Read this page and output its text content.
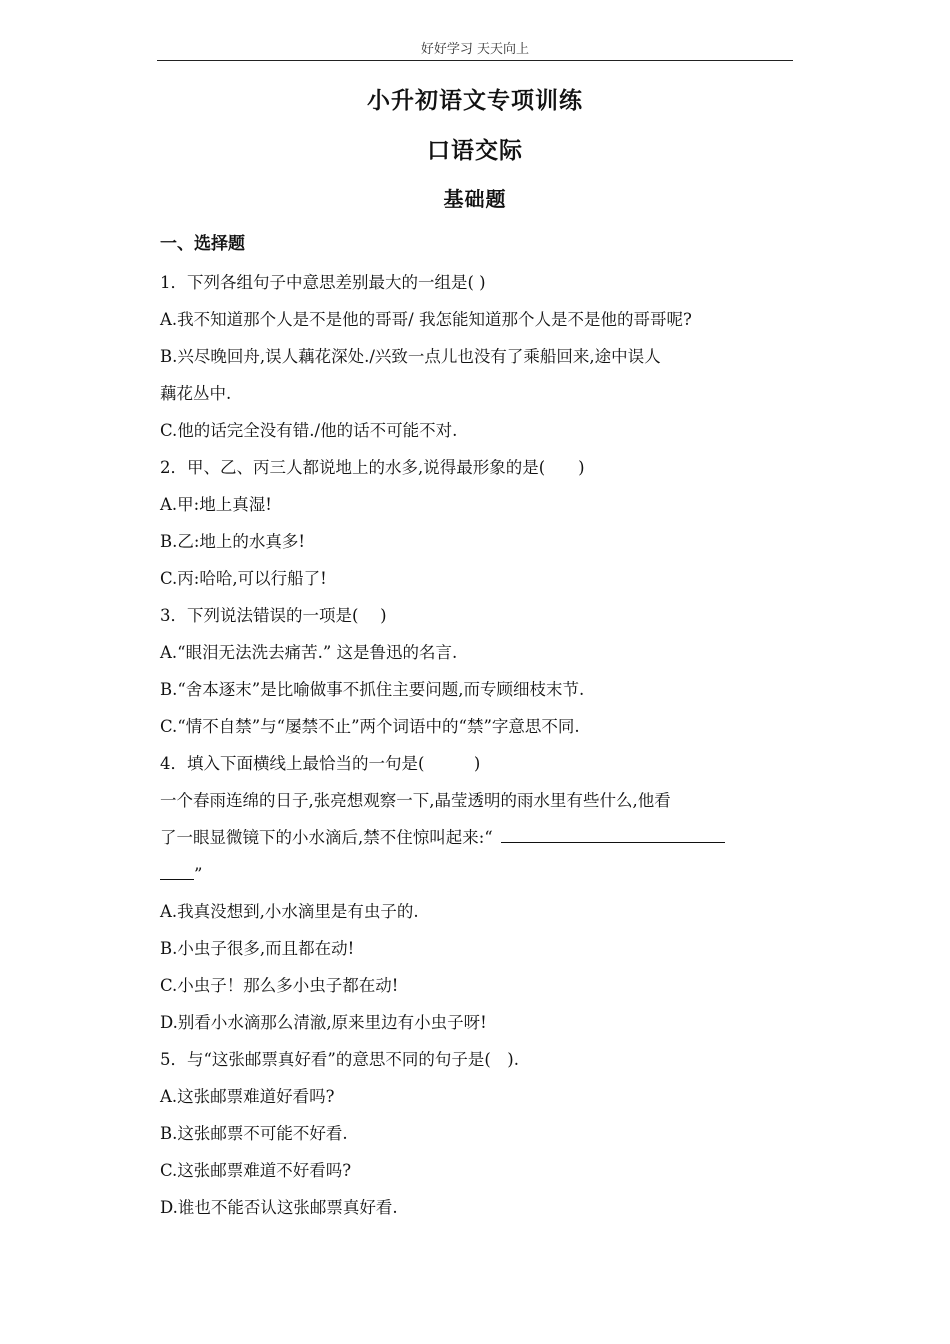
好好学习 天天向上
小升初语文专项训练
口语交际
基础题
一、选择题
1．下列各组句子中意思差别最大的一组是( )
A.我不知道那个人是不是他的哥哥/ 我怎能知道那个人是不是他的哥哥呢?
B.兴尽晚回舟,误人藕花深处./兴致一点儿也没有了乘船回来,途中误人
藕花丛中.
C.他的话完全没有错./他的话不可能不对.
2．甲、乙、丙三人都说地上的水多,说得最形象的是(　　)
A.甲:地上真湿!
B.乙:地上的水真多!
C.丙:哈哈,可以行船了!
3．下列说法错误的一项是(　 )
A.“眼泪无法洗去痛苦.” 这是鲁迅的名言.
B.“舍本逐末”是比喻做事不抓住主要问题,而专顾细枝末节.
C.“情不自禁”与“屡禁不止”两个词语中的“禁”字意思不同.
4．填入下面横线上最恰当的一句是(　　　)
一个春雨连绵的日子,张亮想观察一下,晶莹透明的雨水里有些什么,他看
了一眼显微镜下的小水滴后,禁不住惊叫起来:“
”
A.我真没想到,小水滴里是有虫子的.
B.小虫子很多,而且都在动!
C.小虫子！那么多小虫子都在动!
D.别看小水滴那么清澈,原来里边有小虫子呀!
5．与“这张邮票真好看”的意思不同的句子是(　).
A.这张邮票难道好看吗?
B.这张邮票不可能不好看.
C.这张邮票难道不好看吗?
D.谁也不能否认这张邮票真好看.
